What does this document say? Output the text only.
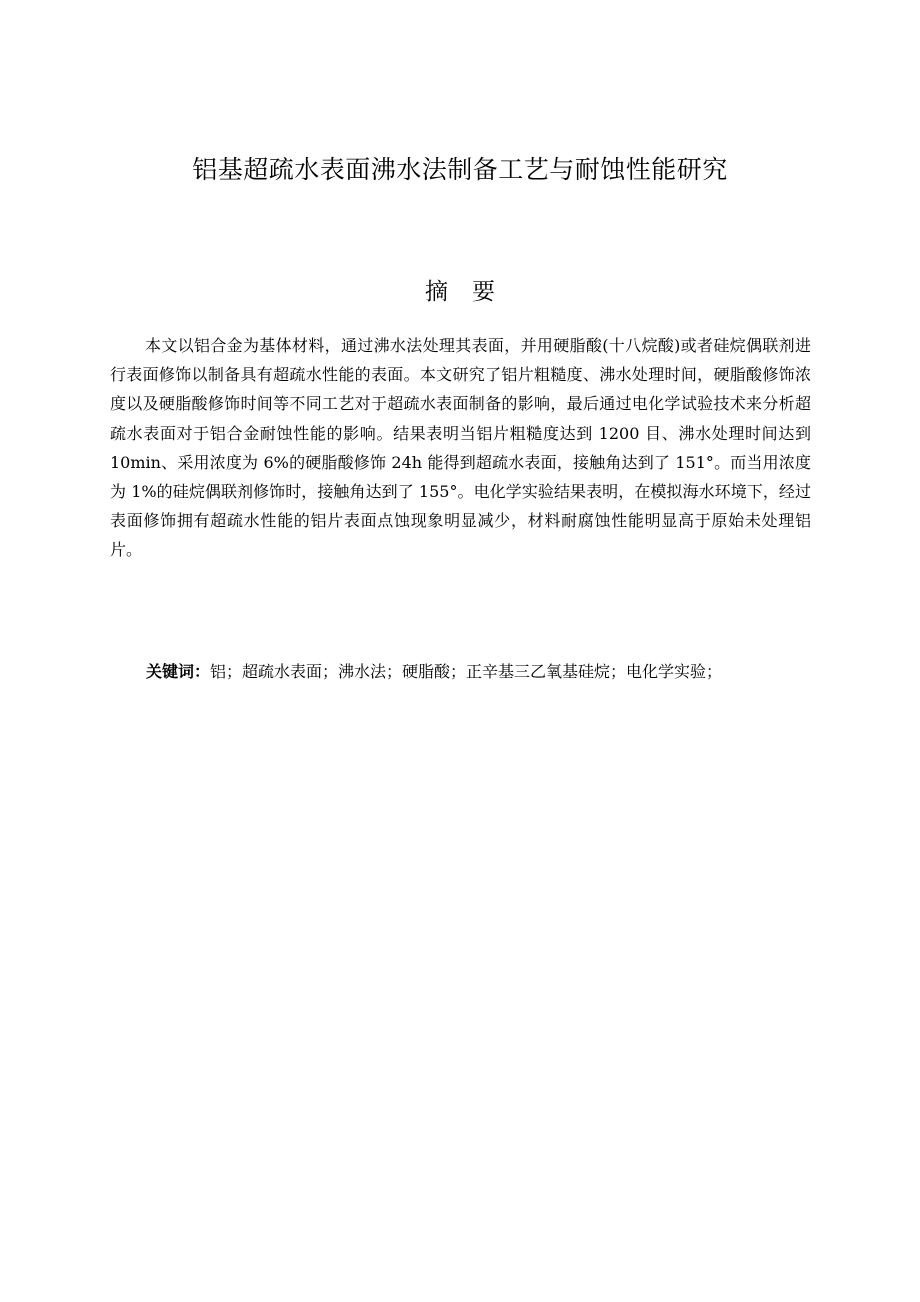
铝基超疏水表面沸水法制备工艺与耐蚀性能研究
摘 要

本文以铝合金为基体材料，通过沸水法处理其表面，并用硬脂酸(十八烷酸)或者硅烷偶联剂进行表面修饰以制备具有超疏水性能的表面。本文研究了铝片粗糙度、沸水处理时间，硬脂酸修饰浓度以及硬脂酸修饰时间等不同工艺对于超疏水表面制备的影响，最后通过电化学试验技术来分析超疏水表面对于铝合金耐蚀性能的影响。结果表明当铝片粗糙度达到 1200 目、沸水处理时间达到 10min、采用浓度为 6%的硬脂酸修饰 24h 能得到超疏水表面，接触角达到了 151°。而当用浓度为 1%的硅烷偶联剂修饰时，接触角达到了 155°。电化学实验结果表明，在模拟海水环境下，经过表面修饰拥有超疏水性能的铝片表面点蚀现象明显减少，材料耐腐蚀性能明显高于原始未处理铝片。

关键词：铝；超疏水表面；沸水法；硬脂酸；正辛基三乙氧基硅烷；电化学实验；
